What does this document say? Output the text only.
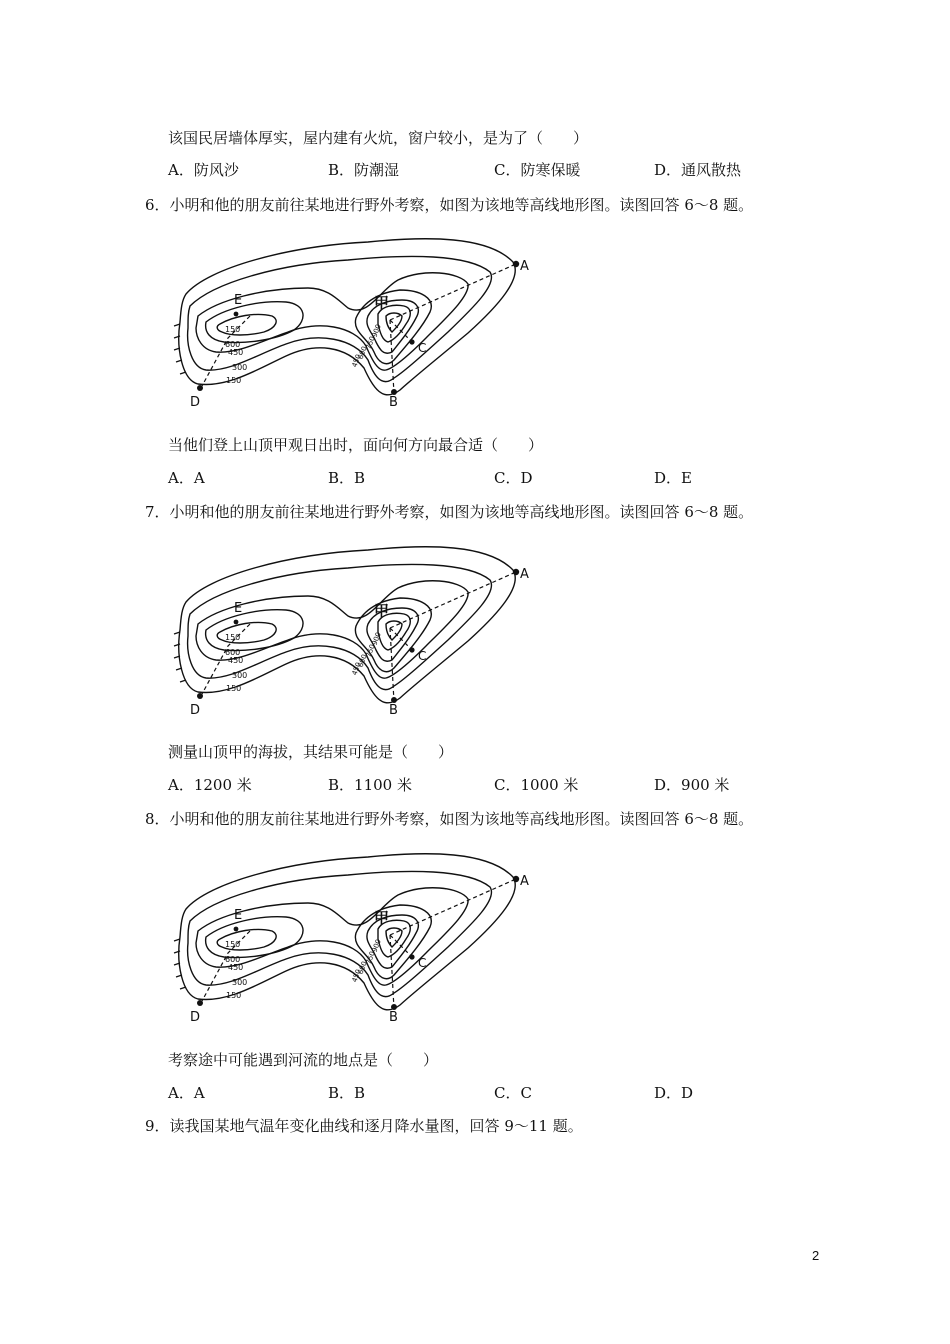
该国民居墙体厚实，屋内建有火炕，窗户较小，是为了（　　）
A．防风沙	B．防潮湿	C．防寒保暖	D．通风散热
6．小明和他的朋友前往某地进行野外考察，如图为该地等高线地形图。读图回答 6～8 题。
A
B
C
D
E	甲
150
600
450
300
150
900
750
600
450
当他们登上山顶甲观日出时，面向何方向最合适（　　）
A．A	B．B	C．D	D．E
7．小明和他的朋友前往某地进行野外考察，如图为该地等高线地形图。读图回答 6～8 题。
A
B
C
D
E	甲
150
600
450
300
150
900
750
600
450
测量山顶甲的海拔，其结果可能是（　　）
A．1200 米	B．1100 米	C．1000 米	D．900 米
8．小明和他的朋友前往某地进行野外考察，如图为该地等高线地形图。读图回答 6～8 题。
A
B
C
D
E	甲
150
600
450
300
150
900
750
600
450
考察途中可能遇到河流的地点是（　　）
A．A	B．B	C．C	D．D
9．读我国某地气温年变化曲线和逐月降水量图，回答 9～11 题。
2
